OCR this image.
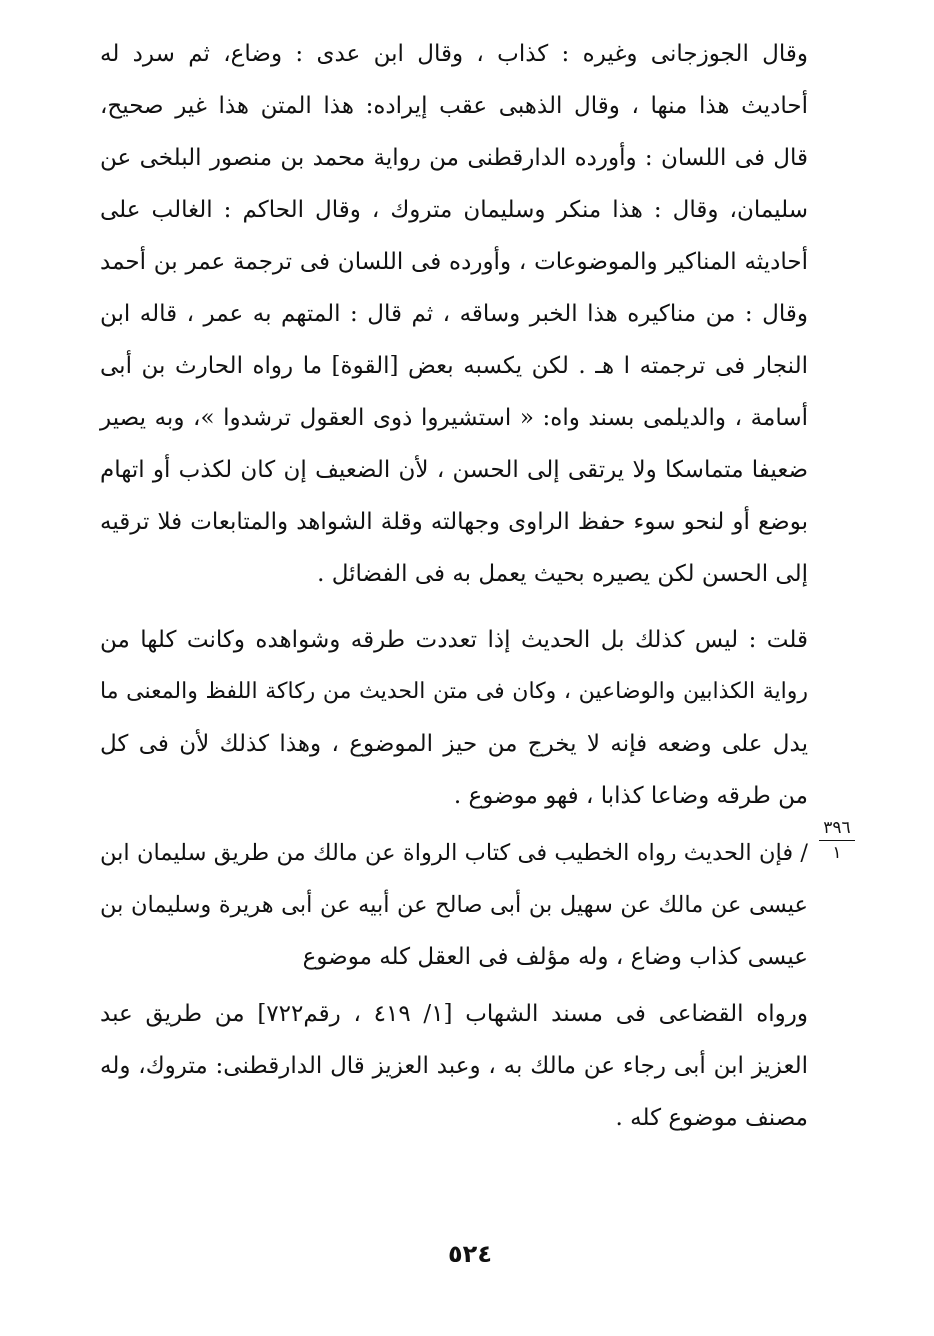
وقال الجوزجانى وغيره : كذاب ، وقال ابن عدى : وضاع، ثم سرد له
أحاديث هذا منها ، وقال الذهبى عقب إيراده: هذا المتن هذا غير صحيح،
قال فى اللسان : وأورده الدارقطنى من رواية محمد بن منصور البلخى عن
سليمان، وقال : هذا منكر وسليمان متروك ، وقال الحاكم : الغالب على
أحاديثه المناكير والموضوعات ، وأورده فى اللسان فى ترجمة عمر بن أحمد
وقال : من مناكيره هذا الخبر وساقه ، ثم قال : المتهم به عمر ، قاله ابن
النجار فى ترجمته ا هـ . لكن يكسبه بعض [القوة] ما رواه الحارث بن أبى
أسامة ، والديلمى بسند واه: « استشيروا ذوى العقول ترشدوا »، وبه يصير
ضعيفا متماسكا ولا يرتقى إلى الحسن ، لأن الضعيف إن كان لكذب أو اتهام
بوضع أو لنحو سوء حفظ الراوى وجهالته وقلة الشواهد والمتابعات فلا ترقيه
إلى الحسن لكن يصيره بحيث يعمل به فى الفضائل .
قلت : ليس كذلك بل الحديث إذا تعددت طرقه وشواهده وكانت كلها من
رواية الكذابين والوضاعين ، وكان فى متن الحديث من ركاكة اللفظ والمعنى ما
يدل على وضعه فإنه لا يخرج من حيز الموضوع ، وهذا كذلك لأن فى كل
من طرقه وضاعا كذابا ، فهو موضوع .
٣٩٦
١
/ فإن الحديث رواه الخطيب فى كتاب الرواة عن مالك من طريق سليمان ابن
عيسى عن مالك عن سهيل بن أبى صالح عن أبيه عن أبى هريرة وسليمان بن
عيسى كذاب وضاع ، وله مؤلف فى العقل كله موضوع
ورواه القضاعى فى مسند الشهاب [١/ ٤١٩ ، رقم٧٢٢] من طريق عبد
العزيز ابن أبى رجاء عن مالك به ، وعبد العزيز قال الدارقطنى: متروك، وله
مصنف موضوع كله .
٥٢٤
